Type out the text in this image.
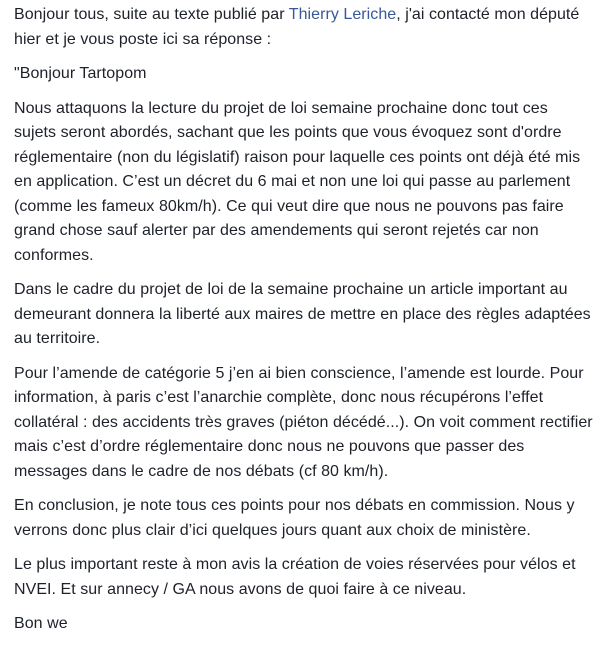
Bonjour tous, suite au texte publié par Thierry Leriche, j'ai contacté mon député hier et je vous poste ici sa réponse :

"Bonjour Tartopom

Nous attaquons la lecture du projet de loi semaine prochaine donc tout ces sujets seront abordés, sachant que les points que vous évoquez sont d'ordre réglementaire (non du législatif) raison pour laquelle ces points ont déjà été mis en application. C’est un décret du 6 mai et non une loi qui passe au parlement (comme les fameux 80km/h). Ce qui veut dire que nous ne pouvons pas faire grand chose sauf alerter par des amendements qui seront rejetés car non conformes.

Dans le cadre du projet de loi de la semaine prochaine un article important au demeurant donnera la liberté aux maires de mettre en place des règles adaptées au territoire.

Pour l’amende de catégorie 5 j’en ai bien conscience, l’amende est lourde. Pour information, à paris c’est l’anarchie complète, donc nous récupérons l’effet collatéral : des accidents très graves (piéton décédé...). On voit comment rectifier mais c’est d’ordre réglementaire donc nous ne pouvons que passer des messages dans le cadre de nos débats (cf 80 km/h).

En conclusion, je note tous ces points pour nos débats en commission. Nous y verrons donc plus clair d’ici quelques jours quant aux choix de ministère.

Le plus important reste à mon avis la création de voies réservées pour vélos et NVEI. Et sur annecy / GA nous avons de quoi faire à ce niveau.

Bon we
